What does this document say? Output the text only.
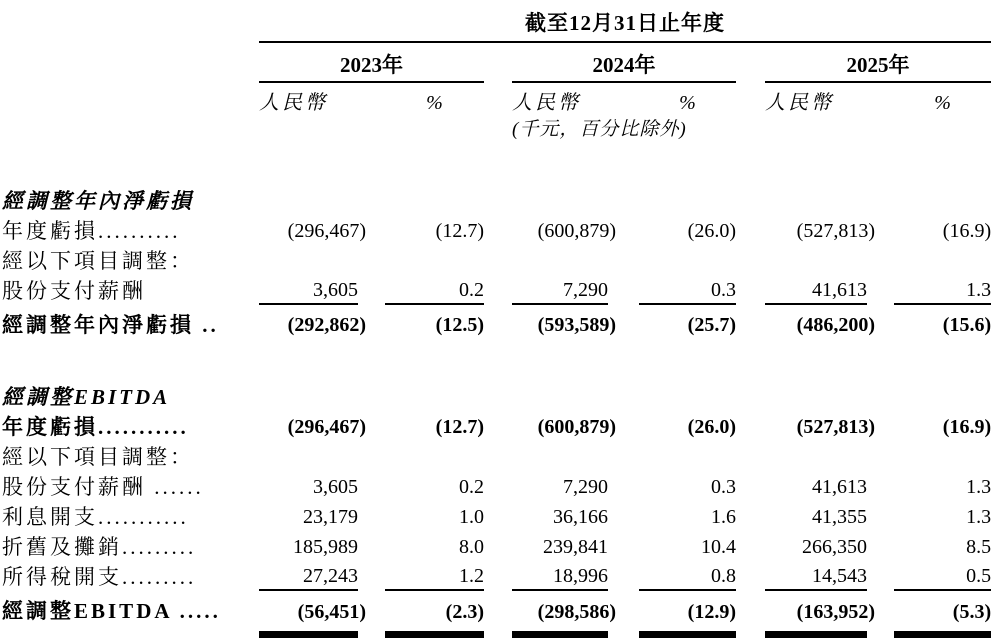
	截至12月31日止年度										
	2023年				2024年				2025年		
	人民幣		%		人民幣		%		人民幣		%
					(千元，百分比除外)						

經調整年內淨虧損											
年度虧損..........	(296,467)		(12.7)		(600,879)		(26.0)		(527,813)		(16.9)
經以下項目調整：											
股份支付薪酬	3,605		0.2		7,290		0.3		41,613		1.3
經調整年內淨虧損 ..	(292,862)		(12.5)		(593,589)		(25.7)		(486,200)		(15.6)

經調整EBITDA											
年度虧損...........	(296,467)		(12.7)		(600,879)		(26.0)		(527,813)		(16.9)
經以下項目調整：											
股份支付薪酬 ......	3,605		0.2		7,290		0.3		41,613		1.3
利息開支...........	23,179		1.0		36,166		1.6		41,355		1.3
折舊及攤銷.........	185,989		8.0		239,841		10.4		266,350		8.5
所得稅開支.........	27,243		1.2		18,996		0.8		14,543		0.5
經調整EBITDA .....	(56,451)		(2.3)		(298,586)		(12.9)		(163,952)		(5.3)
